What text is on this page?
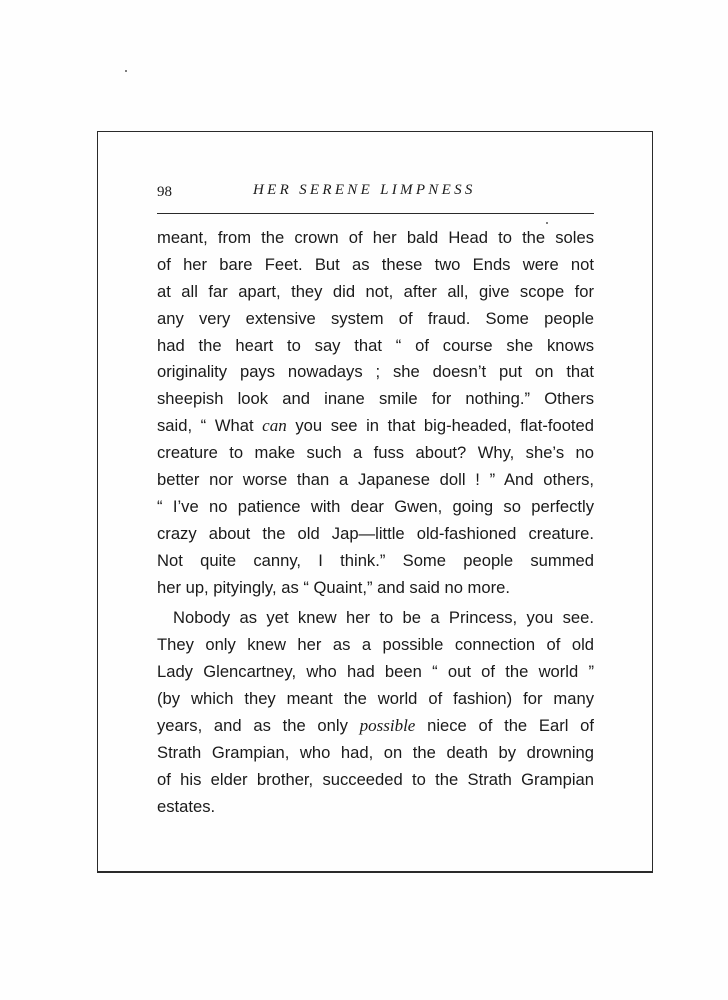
98	HER SERENE LIMPNESS
meant, from the crown of her bald Head to the soles
of her bare Feet. But as these two Ends were not
at all far apart, they did not, after all, give scope for
any very extensive system of fraud. Some people
had the heart to say that “ of course she knows
originality pays nowadays ; she doesn’t put on that
sheepish look and inane smile for nothing.” Others
said, “ What can you see in that big-headed, flat-footed
creature to make such a fuss about? Why, she’s no
better nor worse than a Japanese doll ! ” And others,
“ I’ve no patience with dear Gwen, going so perfectly
crazy about the old Jap—little old-fashioned creature.
Not quite canny, I think.” Some people summed
her up, pityingly, as “ Quaint,” and said no more.
Nobody as yet knew her to be a Princess, you see.
They only knew her as a possible connection of old
Lady Glencartney, who had been “ out of the world ”
(by which they meant the world of fashion) for many
years, and as the only possible niece of the Earl of
Strath Grampian, who had, on the death by drowning
of his elder brother, succeeded to the Strath Grampian
estates.
